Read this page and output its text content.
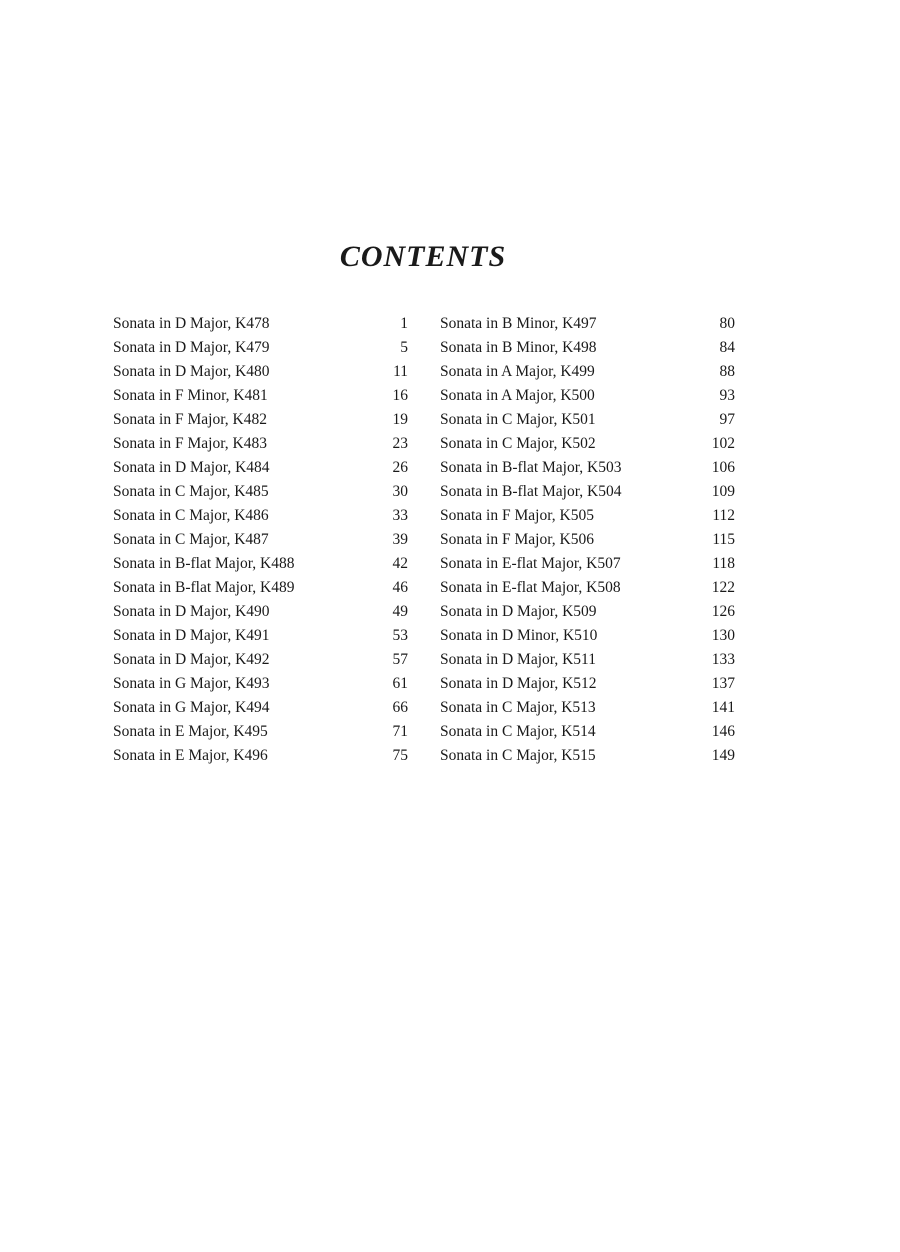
CONTENTS
Sonata in D Major, K478	1
Sonata in D Major, K479	5
Sonata in D Major, K480	11
Sonata in F Minor, K481	16
Sonata in F Major, K482	19
Sonata in F Major, K483	23
Sonata in D Major, K484	26
Sonata in C Major, K485	30
Sonata in C Major, K486	33
Sonata in C Major, K487	39
Sonata in B-flat Major, K488	42
Sonata in B-flat Major, K489	46
Sonata in D Major, K490	49
Sonata in D Major, K491	53
Sonata in D Major, K492	57
Sonata in G Major, K493	61
Sonata in G Major, K494	66
Sonata in E Major, K495	71
Sonata in E Major, K496	75
Sonata in B Minor, K497	80
Sonata in B Minor, K498	84
Sonata in A Major, K499	88
Sonata in A Major, K500	93
Sonata in C Major, K501	97
Sonata in C Major, K502	102
Sonata in B-flat Major, K503	106
Sonata in B-flat Major, K504	109
Sonata in F Major, K505	112
Sonata in F Major, K506	115
Sonata in E-flat Major, K507	118
Sonata in E-flat Major, K508	122
Sonata in D Major, K509	126
Sonata in D Minor, K510	130
Sonata in D Major, K511	133
Sonata in D Major, K512	137
Sonata in C Major, K513	141
Sonata in C Major, K514	146
Sonata in C Major, K515	149
